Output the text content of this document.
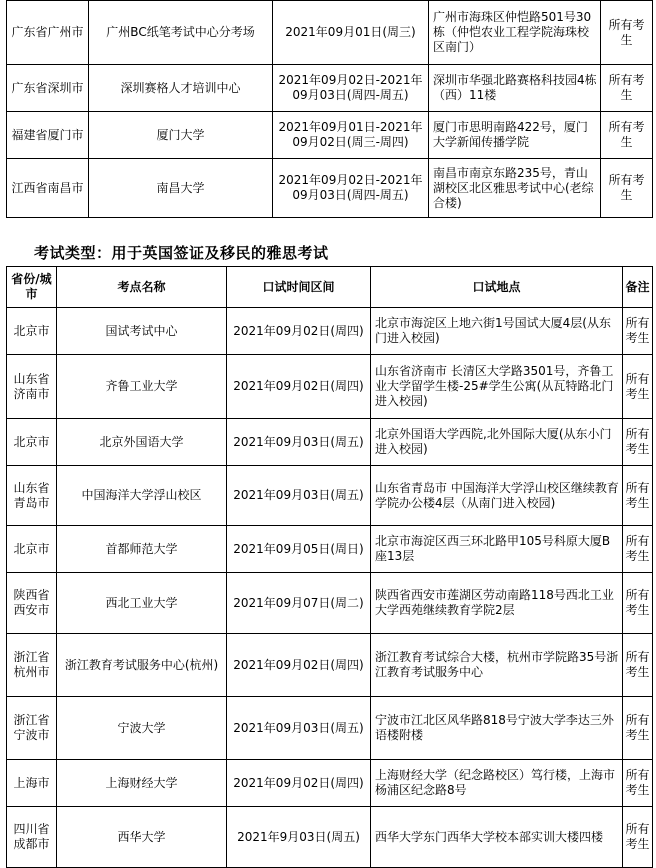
广东省广州市	广州BC纸笔考试中心分考场	2021年09月01日(周三)	广州市海珠区仲恺路501号30栋（仲恺农业工程学院海珠校区南门）	所有考生
广东省深圳市	深圳赛格人才培训中心	2021年09月02日-2021年09月03日(周四-周五)	深圳市华强北路赛格科技园4栋（西）11楼	所有考生
福建省厦门市	厦门大学	2021年09月01日-2021年09月02日(周三-周四)	厦门市思明南路422号，厦门大学新闻传播学院	所有考生
江西省南昌市	南昌大学	2021年09月02日-2021年09月03日(周四-周五)	南昌市南京东路235号，青山湖校区北区雅思考试中心(老综合楼)	所有考生
考试类型：用于英国签证及移民的雅思考试
省份/城市	考点名称	口试时间区间	口试地点	备注
北京市	国试考试中心	2021年09月02日(周四)	北京市海淀区上地六街1号国试大厦4层(从东门进入校园)	所有考生
山东省济南市	齐鲁工业大学	2021年09月02日(周四)	山东省济南市 长清区大学路3501号，齐鲁工业大学留学生楼-25#学生公寓(从瓦特路北门进入校园)	所有考生
北京市	北京外国语大学	2021年09月03日(周五)	北京外国语大学西院,北外国际大厦(从东小门进入校园)	所有考生
山东省青岛市	中国海洋大学浮山校区	2021年09月03日(周五)	山东省青岛市 中国海洋大学浮山校区继续教育学院办公楼4层（从南门进入校园)	所有考生
北京市	首都师范大学	2021年09月05日(周日)	北京市海淀区西三环北路甲105号科原大厦B座13层	所有考生
陕西省西安市	西北工业大学	2021年09月07日(周二)	陕西省西安市莲湖区劳动南路118号西北工业大学西苑继续教育学院2层	所有考生
浙江省杭州市	浙江教育考试服务中心(杭州)	2021年09月02日(周四)	浙江教育考试综合大楼，杭州市学院路35号浙江教育考试服务中心	所有考生
浙江省宁波市	宁波大学	2021年09月03日(周五)	宁波市江北区风华路818号宁波大学李达三外语楼附楼	所有考生
上海市	上海财经大学	2021年09月02日(周四)	上海财经大学（纪念路校区）笃行楼，上海市杨浦区纪念路8号	所有考生
四川省成都市	西华大学	2021年9月03日(周五)	西华大学东门西华大学校本部实训大楼四楼	所有考生
